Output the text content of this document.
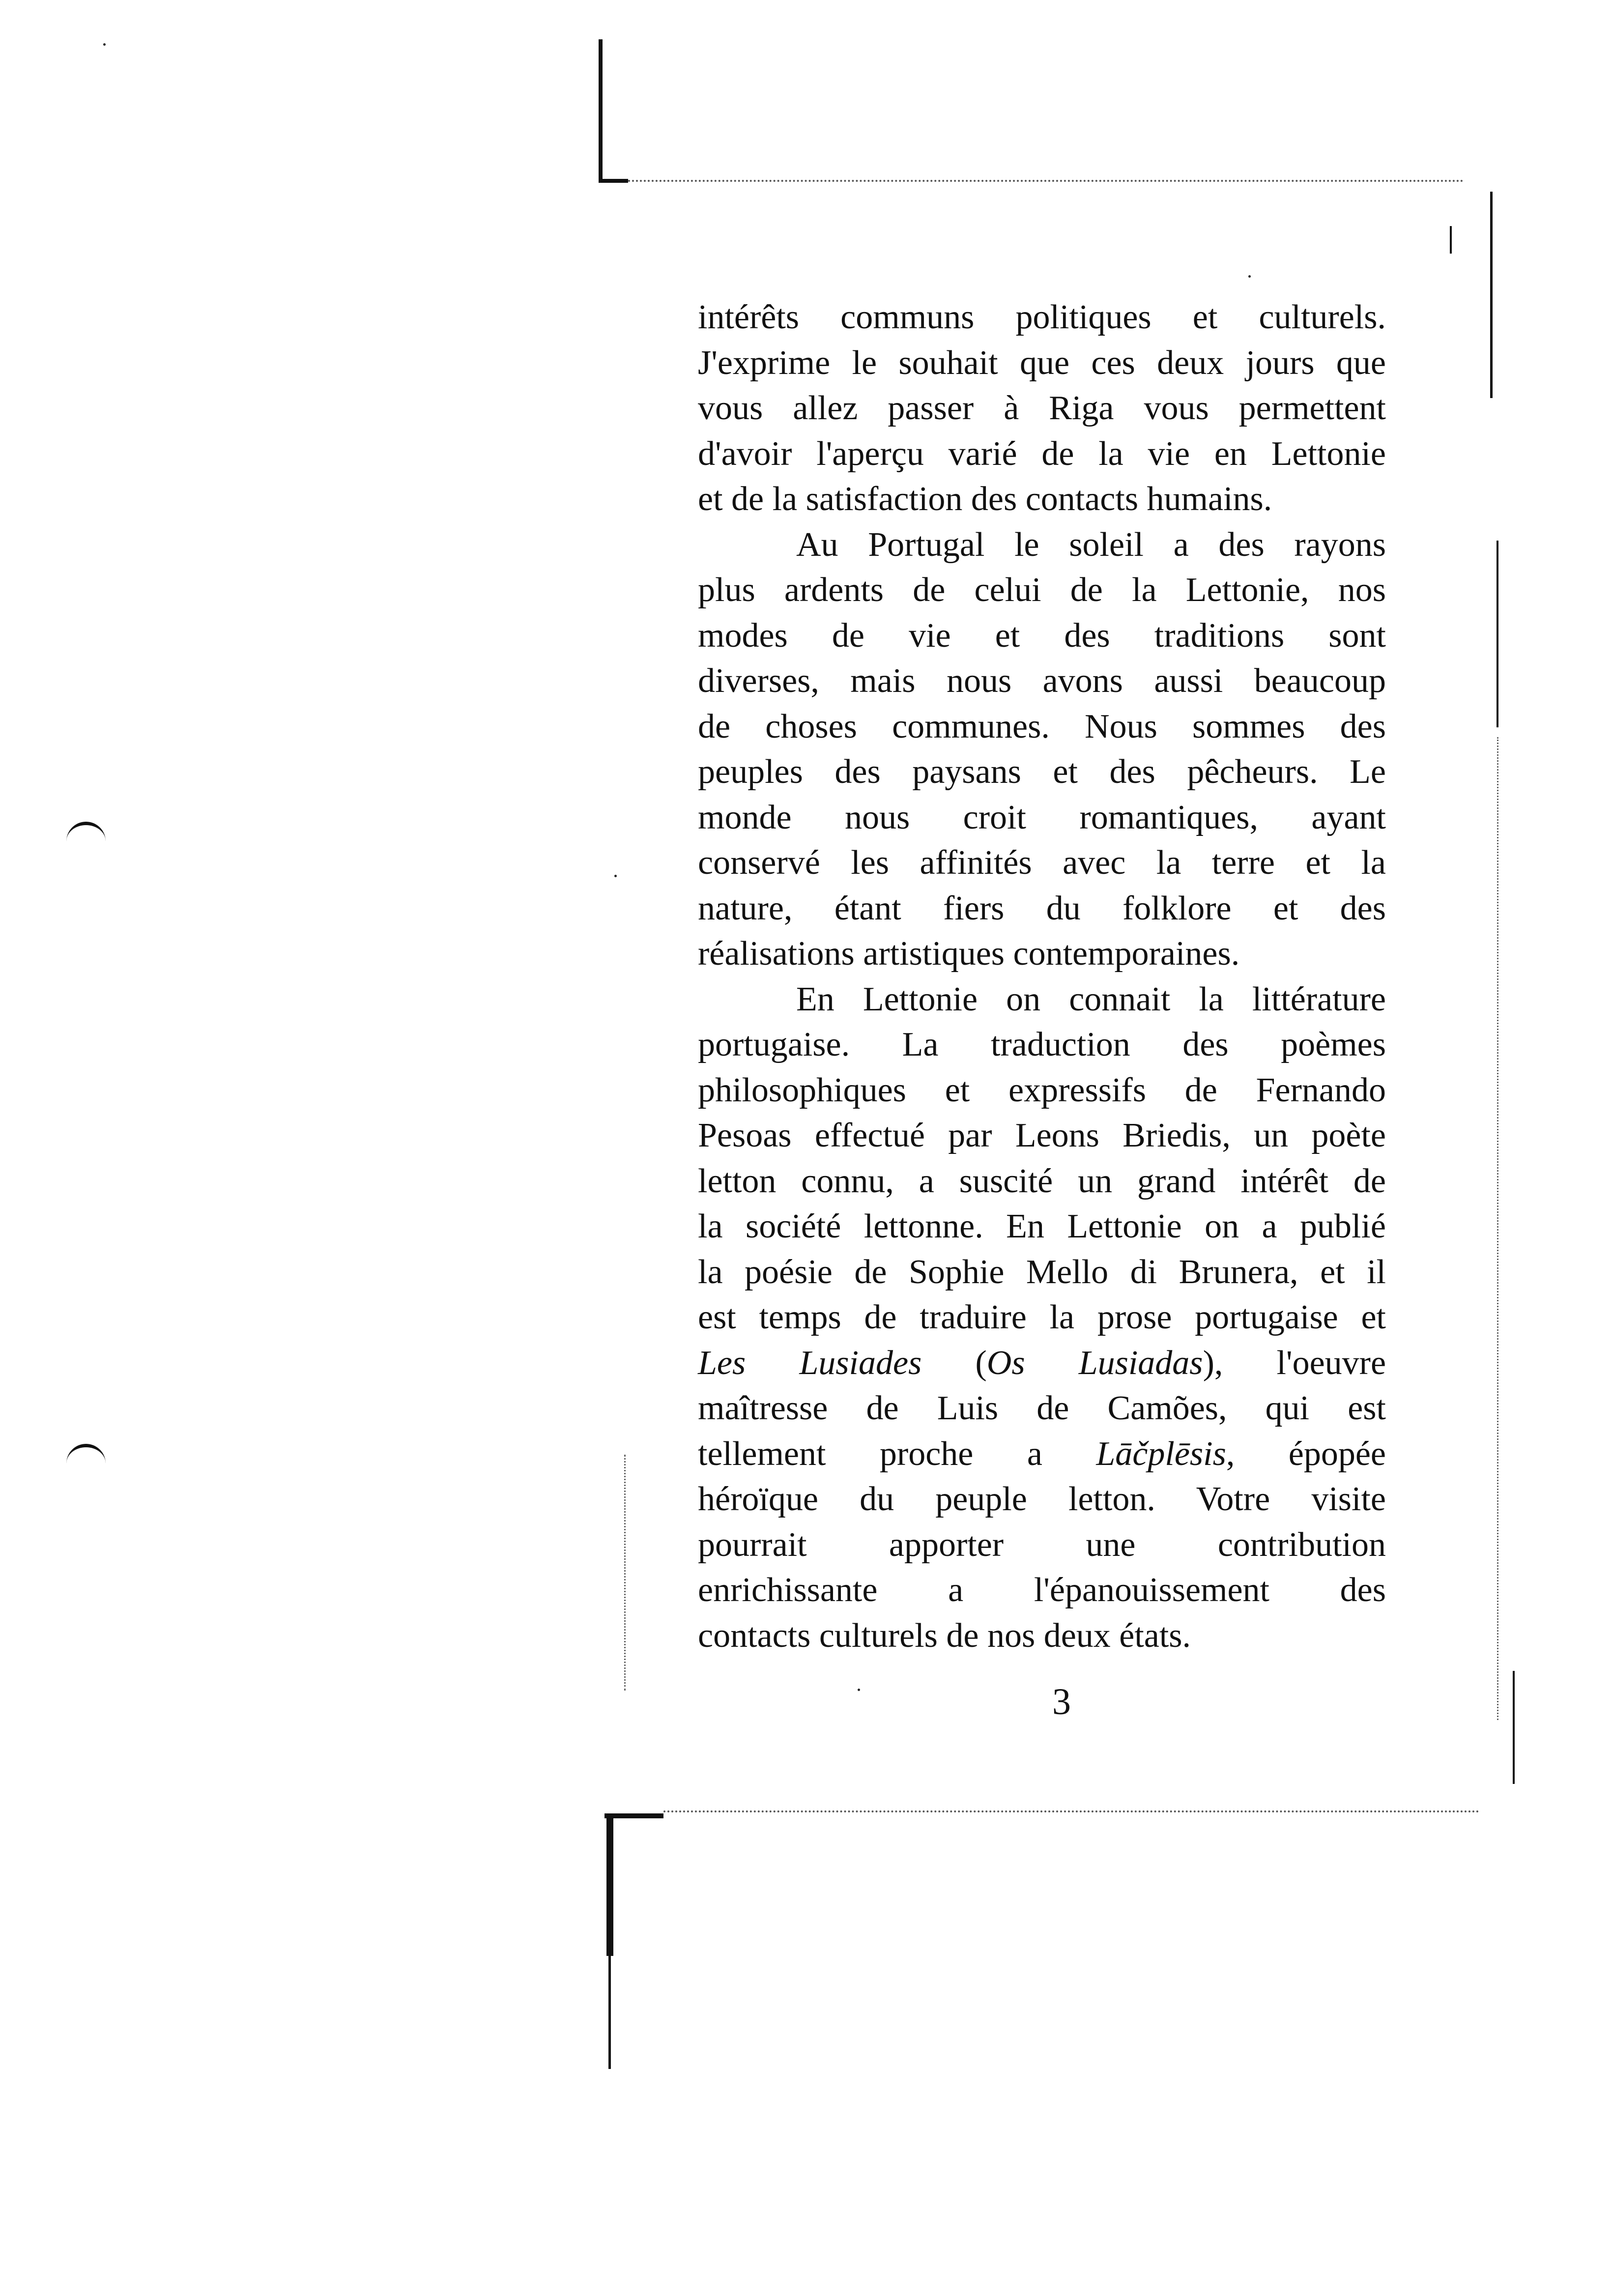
intérêts communs politiques et culturels.
J'exprime le souhait que ces deux jours que
vous allez passer à Riga vous permettent
d'avoir l'aperçu varié de la vie en Lettonie
et de la satisfaction des contacts humains.

Au Portugal le soleil a des rayons
plus ardents de celui de la Lettonie, nos
modes de vie et des traditions sont
diverses, mais nous avons aussi beaucoup
de choses communes. Nous sommes des
peuples des paysans et des pêcheurs. Le
monde nous croit romantiques, ayant
conservé les affinités avec la terre et la
nature, étant fiers du folklore et des
réalisations artistiques contemporaines.

En Lettonie on connait la littérature
portugaise. La traduction des poèmes
philosophiques et expressifs de Fernando
Pesoas effectué par Leons Briedis, un poète
letton connu, a suscité un grand intérêt de
la société lettonne. En Lettonie on a publié
la poésie de Sophie Mello di Brunera, et il
est temps de traduire la prose portugaise et
Les Lusiades (Os Lusiadas), l'oeuvre
maîtresse de Luis de Camões, qui est
tellement proche a Lāčplēsis, épopée
héroïque du peuple letton. Votre visite
pourrait apporter une contribution
enrichissante a l'épanouissement des
contacts culturels de nos deux états.

3
